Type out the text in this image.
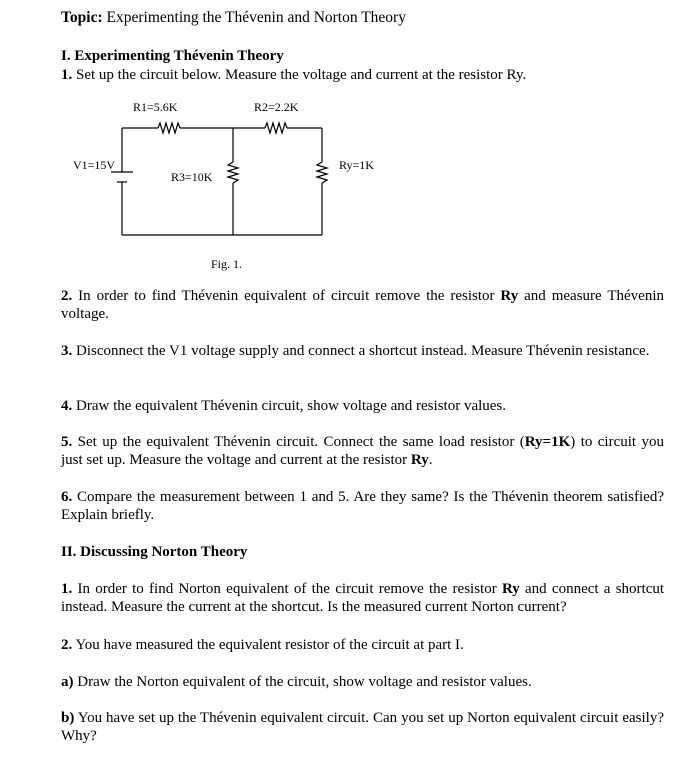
Topic: Experimenting the Thévenin and Norton Theory
I. Experimenting Thévenin Theory
1. Set up the circuit below. Measure the voltage and current at the resistor Ry.
R1=5.6K	R2=2.2K
V1=15V
R3=10K
Ry=1K
Fig. 1.
2. In order to find Thévenin equivalent of circuit remove the resistor Ry and measure Thévenin voltage.
3. Disconnect the V1 voltage supply and connect a shortcut instead. Measure Thévenin resistance.
4. Draw the equivalent Thévenin circuit, show voltage and resistor values.
5. Set up the equivalent Thévenin circuit. Connect the same load resistor (Ry=1K) to circuit you just set up. Measure the voltage and current at the resistor Ry.
6. Compare the measurement between 1 and 5. Are they same? Is the Thévenin theorem satisfied? Explain briefly.
II. Discussing Norton Theory
1. In order to find Norton equivalent of the circuit remove the resistor Ry and connect a shortcut instead. Measure the current at the shortcut. Is the measured current Norton current?
2. You have measured the equivalent resistor of the circuit at part I.
a) Draw the Norton equivalent of the circuit, show voltage and resistor values.
b) You have set up the Thévenin equivalent circuit. Can you set up Norton equivalent circuit easily? Why?
